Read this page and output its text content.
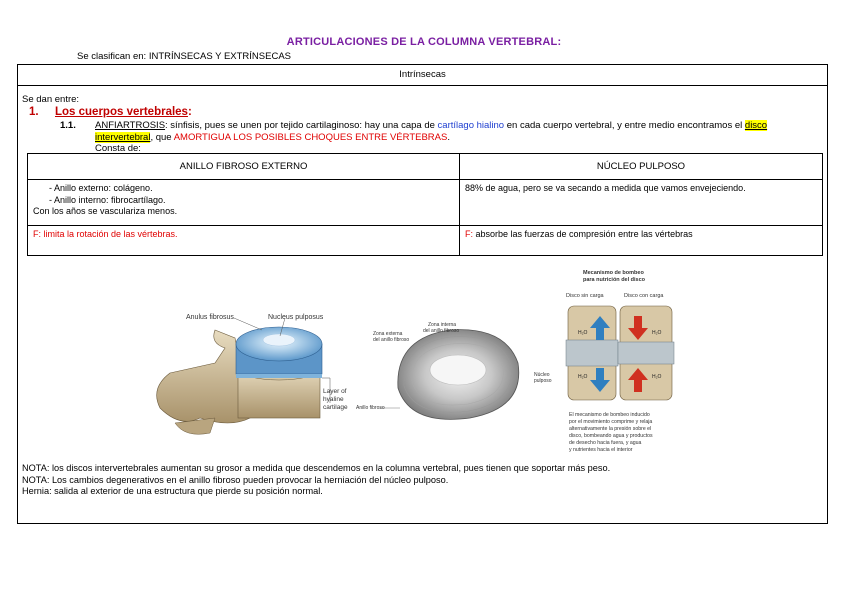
ARTICULACIONES DE LA COLUMNA VERTEBRAL:
Se clasifican en: INTRÍNSECAS Y EXTRÍNSECAS
Intrínsecas
Se dan entre:
1. Los cuerpos vertebrales:
1.1. ANFIARTROSIS: sínfisis, pues se unen por tejido cartilaginoso: hay una capa de cartílago hialino en cada cuerpo vertebral, y entre medio encontramos el disco intervertebral, que AMORTIGUA LOS POSIBLES CHOQUES ENTRE VÉRTEBRAS.
Consta de:
ANILLO FIBROSO EXTERNO	NÚCLEO PULPOSO

- Anillo externo: colágeno.
- Anillo interno: fibrocartílago.
Con los años se vasculariza menos.	88% de agua, pero se va secando a medida que vamos envejeciendo.
F: limita la rotación de las vértebras.	F: absorbe las fuerzas de compresión entre las vértebras
Anulus fibrosus	Nucleus pulposus
Layer of
hyaline
cartilage
Zona externa
del anillo fibroso
Zona interna
del anillo fibroso
Núcleo
pulposo
Anillo fibroso
Mecanismo de bombeo
para nutrición del disco
Disco sin carga	Disco con carga
H₂O
H₂O
H₂O
H₂O
El mecanismo de bombeo inducido
por el movimiento comprime y relaja
alternativamente la presión sobre el
disco, bombeando agua y productos
de desecho hacia fuera, y agua
y nutrientes hacia el interior
NOTA: los discos intervertebrales aumentan su grosor a medida que descendemos en la columna vertebral, pues tienen que soportar más peso.
NOTA: Los cambios degenerativos en el anillo fibroso pueden provocar la herniación del núcleo pulposo.
Hernia: salida al exterior de una estructura que pierde su posición normal.
